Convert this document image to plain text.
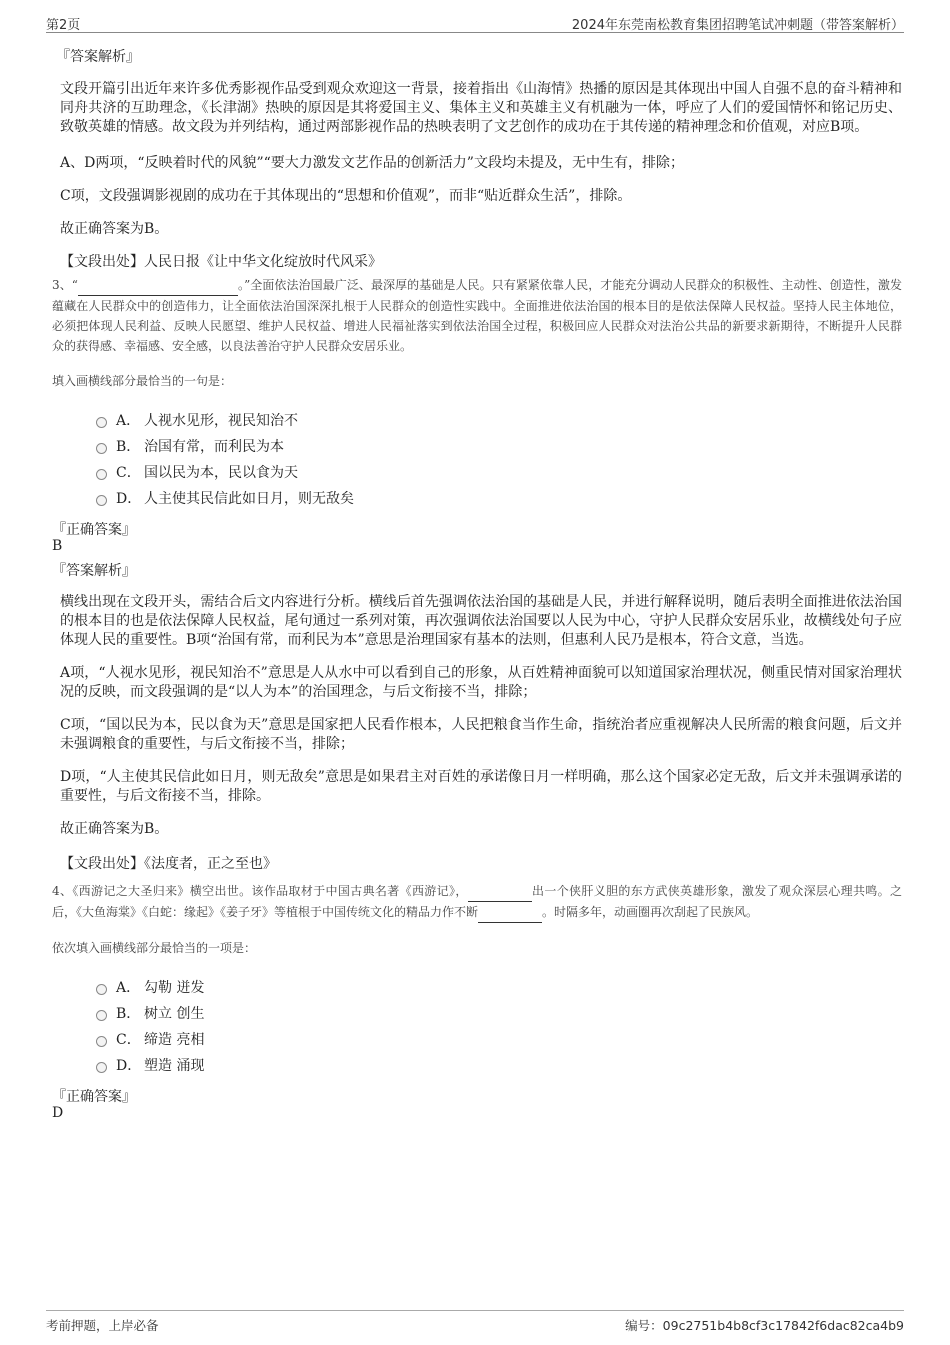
第2页	2024年东莞南松教育集团招聘笔试冲刺题（带答案解析）
『答案解析』
文段开篇引出近年来许多优秀影视作品受到观众欢迎这一背景，接着指出《山海情》热播的原因是其体现出中国人自强不息的奋斗精神和同舟共济的互助理念，《长津湖》热映的原因是其将爱国主义、集体主义和英雄主义有机融为一体，呼应了人们的爱国情怀和铭记历史、致敬英雄的情感。故文段为并列结构，通过两部影视作品的热映表明了文艺创作的成功在于其传递的精神理念和价值观，对应B项。
A、D两项，“反映着时代的风貌”“要大力激发文艺作品的创新活力”文段均未提及，无中生有，排除；
C项，文段强调影视剧的成功在于其体现出的“思想和价值观”，而非“贴近群众生活”，排除。
故正确答案为B。
【文段出处】人民日报《让中华文化绽放时代风采》
3、“	。”全面依法治国最广泛、最深厚的基础是人民。只有紧紧依靠人民，才能充分调动人民群众的积极性、主动性、创造性，激发蕴藏在人民群众中的创造伟力，让全面依法治国深深扎根于人民群众的创造性实践中。全面推进依法治国的根本目的是依法保障人民权益。坚持人民主体地位，必须把体现人民利益、反映人民愿望、维护人民权益、增进人民福祉落实到依法治国全过程，积极回应人民群众对法治公共品的新要求新期待，不断提升人民群众的获得感、幸福感、安全感，以良法善治守护人民群众安居乐业。
填入画横线部分最恰当的一句是：
A． 人视水见形，视民知治不
B． 治国有常，而利民为本
C． 国以民为本，民以食为天
D． 人主使其民信此如日月，则无敌矣
『正确答案』
B
『答案解析』
横线出现在文段开头，需结合后文内容进行分析。横线后首先强调依法治国的基础是人民，并进行解释说明，随后表明全面推进依法治国的根本目的也是依法保障人民权益，尾句通过一系列对策，再次强调依法治国要以人民为中心，守护人民群众安居乐业，故横线处句子应体现人民的重要性。B项“治国有常，而利民为本”意思是治理国家有基本的法则，但惠利人民乃是根本，符合文意，当选。
A项，“人视水见形，视民知治不”意思是人从水中可以看到自己的形象，从百姓精神面貌可以知道国家治理状况，侧重民情对国家治理状况的反映，而文段强调的是“以人为本”的治国理念，与后文衔接不当，排除；
C项，“国以民为本，民以食为天”意思是国家把人民看作根本，人民把粮食当作生命，指统治者应重视解决人民所需的粮食问题，后文并未强调粮食的重要性，与后文衔接不当，排除；
D项，“人主使其民信此如日月，则无敌矣”意思是如果君主对百姓的承诺像日月一样明确，那么这个国家必定无敌，后文并未强调承诺的重要性，与后文衔接不当，排除。
故正确答案为B。
【文段出处】《法度者，正之至也》
4、《西游记之大圣归来》横空出世。该作品取材于中国古典名著《西游记》，	出一个侠肝义胆的东方武侠英雄形象，激发了观众深层心理共鸣。之后，《大鱼海棠》《白蛇：缘起》《姜子牙》等植根于中国传统文化的精品力作不断	。时隔多年，动画圈再次刮起了民族风。
依次填入画横线部分最恰当的一项是：
A． 勾勒 迸发
B． 树立 创生
C． 缔造 亮相
D． 塑造 涌现
『正确答案』
D
考前押题，上岸必备	编号：09c2751b4b8cf3c17842f6dac82ca4b9
